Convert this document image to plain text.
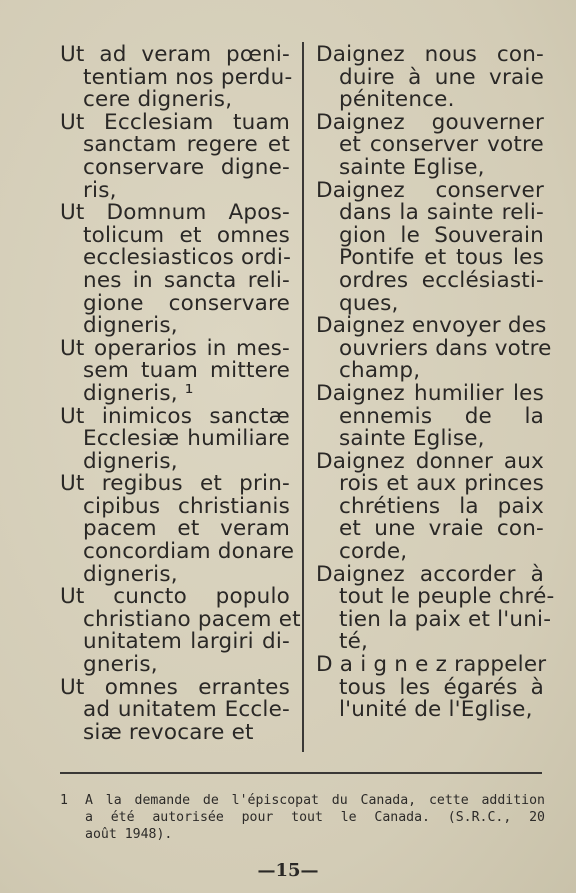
Ut ad veram pœni-
tentiam nos perdu-
cere digneris,
Ut Ecclesiam tuam
sanctam regere et
conservare digne-
ris,
Ut Domnum Apos-
tolicum et omnes
ecclesiasticos ordi-
nes in sancta reli-
gione conservare
digneris,
Ut operarios in mes-
sem tuam mittere
digneris, ¹
Ut inimicos sanctæ
Ecclesiæ humiliare
digneris,
Ut regibus et prin-
cipibus christianis
pacem et veram
concordiam donare
digneris,
Ut cuncto populo
christiano pacem et
unitatem largiri di-
gneris,
Ut omnes errantes
ad unitatem Eccle-
siæ revocare et
Daignez nous con-
duire à une vraie
pénitence.
Daignez gouverner
et conserver votre
sainte Eglise,
Daignez conserver
dans la sainte reli-
gion le Souverain
Pontife et tous les
ordres ecclésiasti-
ques,
Daignez envoyer des
ouvriers dans votre
champ,
Daignez humilier les
ennemis de la
sainte Eglise,
Daignez donner aux
rois et aux princes
chrétiens la paix
et une vraie con-
corde,
Daignez accorder à
tout le peuple chré-
tien la paix et l'uni-
té,
D a i g n e z rappeler
tous les égarés à
l'unité de l'Eglise,
1 A la demande de l'épiscopat du Canada, cette addition
a été autorisée pour tout le Canada. (S.R.C., 20
août 1948).
—15—
